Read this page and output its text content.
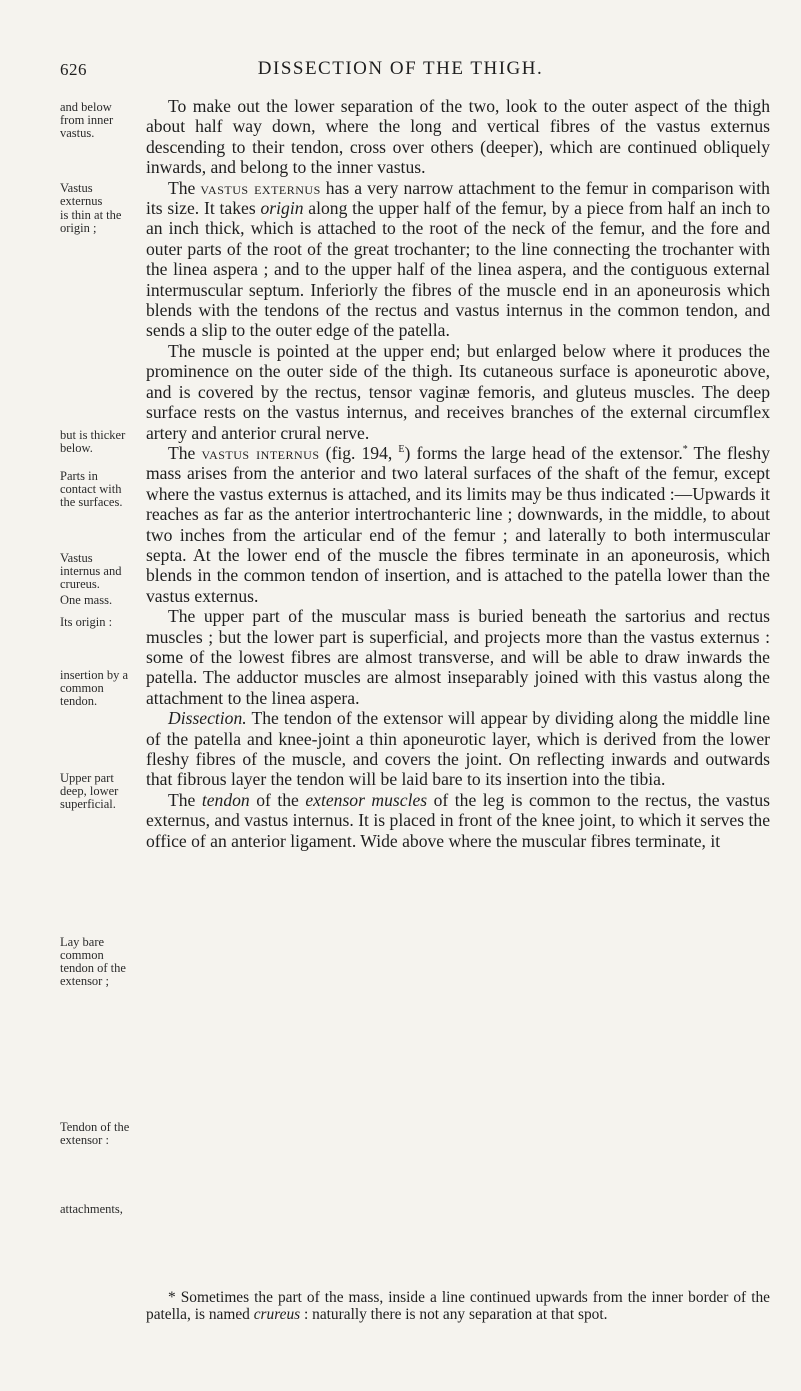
626	DISSECTION OF THE THIGH.
and below from inner vastus.
Vastus externus
is thin at the origin ;
but is thicker below.
Parts in contact with the surfaces.
Vastus internus and crureus.
One mass.
Its origin :
insertion by a common tendon.
Upper part deep, lower superficial.
Lay bare common tendon of the extensor ;
Tendon of the extensor :
attachments,

To make out the lower separation of the two, look to the outer aspect of the thigh about half way down, where the long and vertical fibres of the vastus externus descending to their tendon, cross over others (deeper), which are continued obliquely inwards, and belong to the inner vastus.

The vastus externus has a very narrow attachment to the femur in comparison with its size. It takes origin along the upper half of the femur, by a piece from half an inch to an inch thick, which is attached to the root of the neck of the femur, and the fore and outer parts of the root of the great trochanter; to the line connecting the trochanter with the linea aspera ; and to the upper half of the linea aspera, and the contiguous external intermuscular septum. Inferiorly the fibres of the muscle end in an aponeurosis which blends with the tendons of the rectus and vastus internus in the common tendon, and sends a slip to the outer edge of the patella.

The muscle is pointed at the upper end; but enlarged below where it produces the prominence on the outer side of the thigh. Its cutaneous surface is aponeurotic above, and is covered by the rectus, tensor vaginæ femoris, and gluteus muscles. The deep surface rests on the vastus internus, and receives branches of the external circumflex artery and anterior crural nerve.

The vastus internus (fig. 194, $^E$) forms the large head of the extensor.* The fleshy mass arises from the anterior and two lateral surfaces of the shaft of the femur, except where the vastus externus is attached, and its limits may be thus indicated :—Upwards it reaches as far as the anterior intertrochanteric line ; downwards, in the middle, to about two inches from the articular end of the femur ; and laterally to both intermuscular septa. At the lower end of the muscle the fibres terminate in an aponeurosis, which blends in the common tendon of insertion, and is attached to the patella lower than the vastus externus.

The upper part of the muscular mass is buried beneath the sartorius and rectus muscles ; but the lower part is superficial, and projects more than the vastus externus : some of the lowest fibres are almost transverse, and will be able to draw inwards the patella. The adductor muscles are almost inseparably joined with this vastus along the attachment to the linea aspera.

Dissection. The tendon of the extensor will appear by dividing along the middle line of the patella and knee-joint a thin aponeurotic layer, which is derived from the lower fleshy fibres of the muscle, and covers the joint. On reflecting inwards and outwards that fibrous layer the tendon will be laid bare to its insertion into the tibia.

The tendon of the extensor muscles of the leg is common to the rectus, the vastus externus, and vastus internus. It is placed in front of the knee joint, to which it serves the office of an anterior ligament. Wide above where the muscular fibres terminate, it

* Sometimes the part of the mass, inside a line continued upwards from the inner border of the patella, is named crureus : naturally there is not any separation at that spot.
